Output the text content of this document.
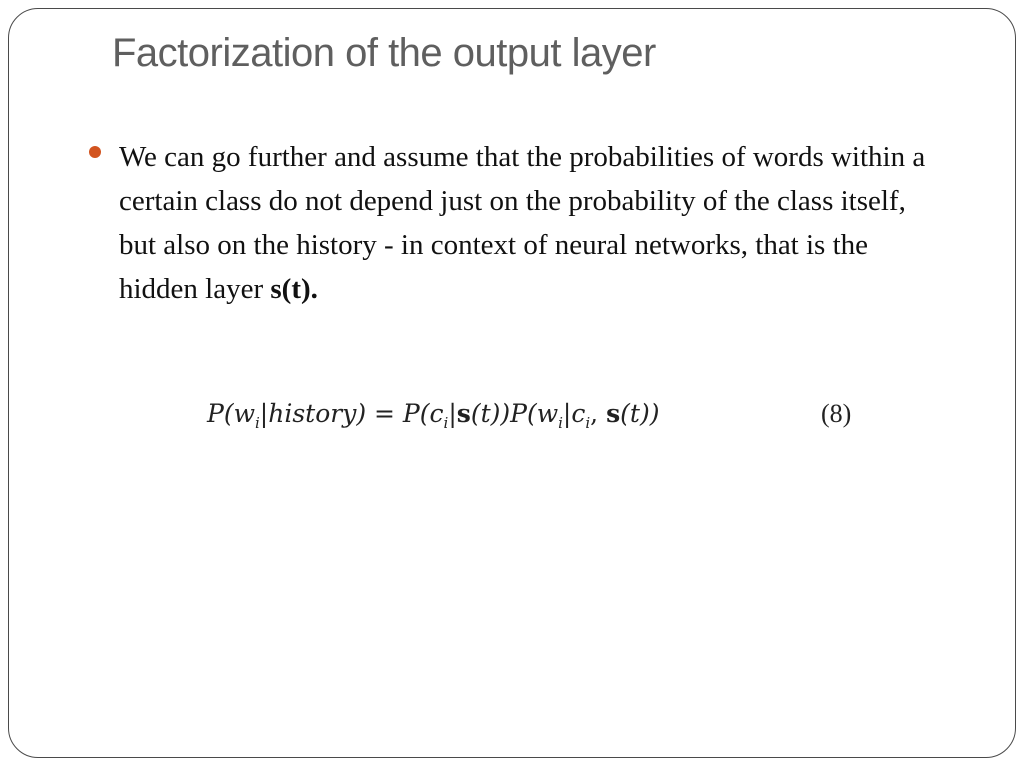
Factorization of the output layer
We can go further and assume that the probabilities of words within a certain class do not depend just on the probability of the class itself, but also on the history - in context of neural networks, that is the hidden layer s(t).
$P(w_i|history) = P(c_i|s(t))P(w_i|c_i$, s(t))	(8)
